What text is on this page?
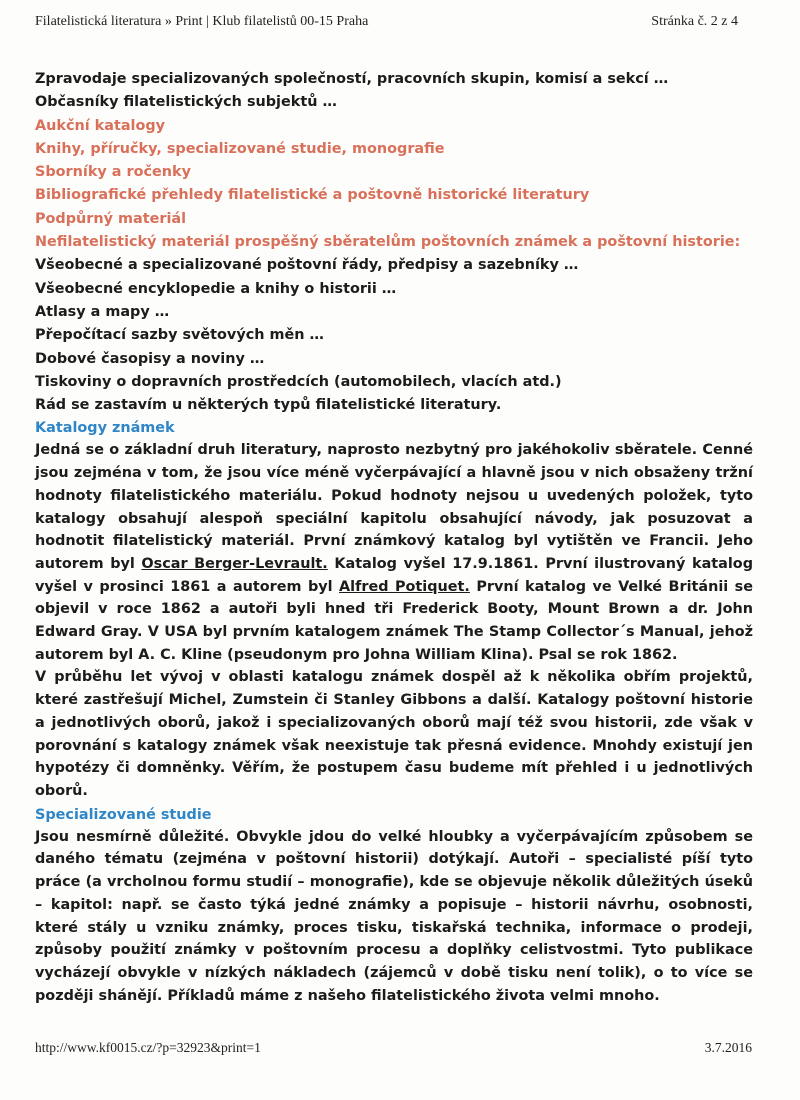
Filatelistická literatura » Print | Klub filatelistů 00-15 Praha	Stránka č. 2 z 4
Zpravodaje specializovaných společností, pracovních skupin, komisí a sekcí …
Občasníky filatelistických subjektů …
Aukční katalogy
Knihy, příručky, specializované studie, monografie
Sborníky a ročenky
Bibliografické přehledy filatelistické a poštovně historické literatury
Podpůrný materiál
Nefilatelistický materiál prospěšný sběratelům poštovních známek a poštovní historie:
Všeobecné a specializované poštovní řády, předpisy a sazebníky …
Všeobecné encyklopedie a knihy o historii …
Atlasy a mapy …
Přepočítací sazby světových měn …
Dobové časopisy a noviny …
Tiskoviny o dopravních prostředcích (automobilech, vlacích atd.)
Rád se zastavím u některých typů filatelistické literatury.
Katalogy známek
Jedná se o základní druh literatury, naprosto nezbytný pro jakéhokoliv sběratele. Cenné jsou zejména v tom, že jsou více méně vyčerpávající a hlavně jsou v nich obsaženy tržní hodnoty filatelistického materiálu. Pokud hodnoty nejsou u uvedených položek, tyto katalogy obsahují alespoň speciální kapitolu obsahující návody, jak posuzovat a hodnotit filatelistický materiál. První známkový katalog byl vytištěn ve Francii. Jeho autorem byl Oscar Berger-Levrault. Katalog vyšel 17.9.1861. První ilustrovaný katalog vyšel v prosinci 1861 a autorem byl Alfred Potiquet. První katalog ve Velké Británii se objevil v roce 1862 a autoři byli hned tři Frederick Booty, Mount Brown a dr. John Edward Gray. V USA byl prvním katalogem známek The Stamp Collector´s Manual, jehož autorem byl A. C. Kline (pseudonym pro Johna William Klina). Psal se rok 1862.
V průběhu let vývoj v oblasti katalogu známek dospěl až k několika obřím projektů, které zastřešují Michel, Zumstein či Stanley Gibbons a další. Katalogy poštovní historie a jednotlivých oborů, jakož i specializovaných oborů mají též svou historii, zde však v porovnání s katalogy známek však neexistuje tak přesná evidence. Mnohdy existují jen hypotézy či domněnky. Věřím, že postupem času budeme mít přehled i u jednotlivých oborů.
Specializované studie
Jsou nesmírně důležité. Obvykle jdou do velké hloubky a vyčerpávajícím způsobem se daného tématu (zejména v poštovní historii) dotýkají. Autoři – specialisté píší tyto práce (a vrcholnou formu studií – monografie), kde se objevuje několik důležitých úseků – kapitol: např. se často týká jedné známky a popisuje – historii návrhu, osobnosti, které stály u vzniku známky, proces tisku, tiskařská technika, informace o prodeji, způsoby použití známky v poštovním procesu a doplňky celistvostmi. Tyto publikace vycházejí obvykle v nízkých nákladech (zájemců v době tisku není tolik), o to více se později shánějí. Příkladů máme z našeho filatelistického života velmi mnoho.
http://www.kf0015.cz/?p=32923&print=1	3.7.2016
